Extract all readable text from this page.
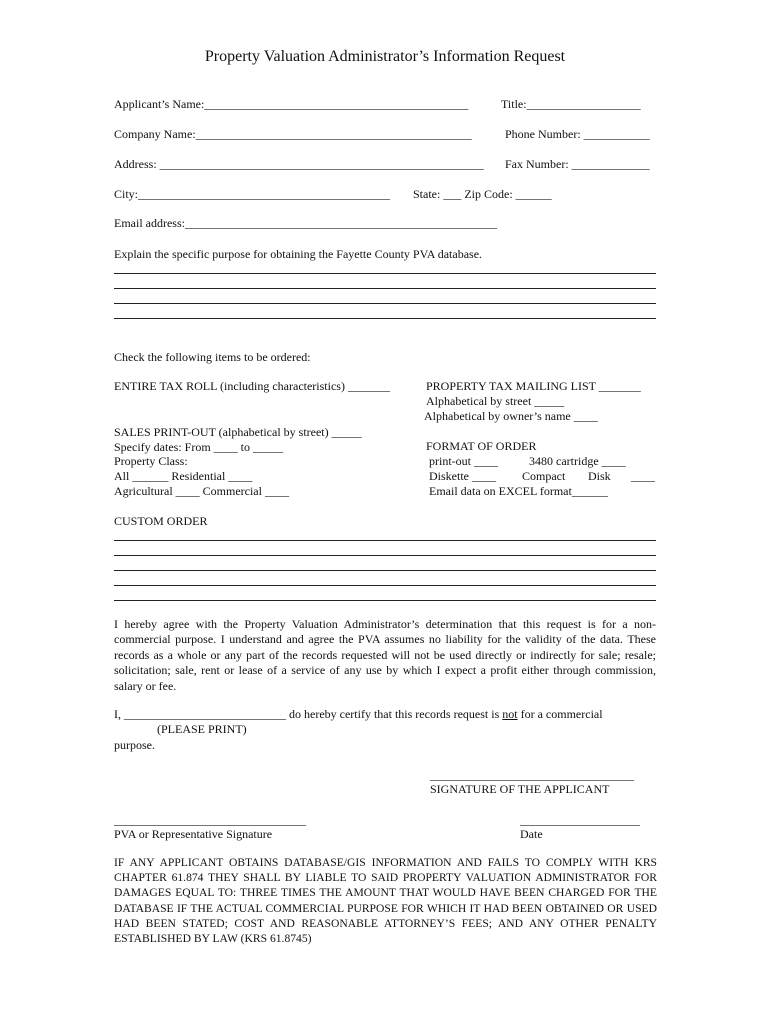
Property Valuation Administrator’s Information Request
Applicant’s Name:____________________________________________	Title:___________________
Company Name:______________________________________________	Phone Number: ___________
Address: ______________________________________________________ Fax Number: _____________
City:__________________________________________ State: ___ Zip Code: ______
Email address:____________________________________________________
Explain the specific purpose for obtaining the Fayette County PVA database.
Check the following items to be ordered:
ENTIRE TAX ROLL (including characteristics) _______	PROPERTY TAX MAILING LIST _______
Alphabetical by street _____
Alphabetical by owner’s name ____
SALES PRINT-OUT (alphabetical by street) _____
Specify dates: From ____ to _____
Property Class:
All ______ Residential ____
Agricultural ____ Commercial ____
FORMAT OF ORDER
print-out ____	3480 cartridge ____
Diskette ____ Compact Disk ____
Email data on EXCEL format______
CUSTOM ORDER
I hereby agree with the Property Valuation Administrator’s determination that this request is for a non-commercial purpose. I understand and agree the PVA assumes no liability for the validity of the data. These records as a whole or any part of the records requested will not be used directly or indirectly for sale; resale; solicitation; sale, rent or lease of a service of any use by which I expect a profit either through commission, salary or fee.
I, ___________________________ do hereby certify that this records request is not for a commercial
(PLEASE PRINT)
purpose.
__________________________________
SIGNATURE OF THE APPLICANT
________________________________
PVA or Representative Signature
____________________
Date
IF ANY APPLICANT OBTAINS DATABASE/GIS INFORMATION AND FAILS TO COMPLY WITH KRS CHAPTER 61.874 THEY SHALL BY LIABLE TO SAID PROPERTY VALUATION ADMINISTRATOR FOR DAMAGES EQUAL TO: THREE TIMES THE AMOUNT THAT WOULD HAVE BEEN CHARGED FOR THE DATABASE IF THE ACTUAL COMMERCIAL PURPOSE FOR WHICH IT HAD BEEN OBTAINED OR USED HAD BEEN STATED; COST AND REASONABLE ATTORNEY’S FEES; AND ANY OTHER PENALTY ESTABLISHED BY LAW (KRS 61.8745)
